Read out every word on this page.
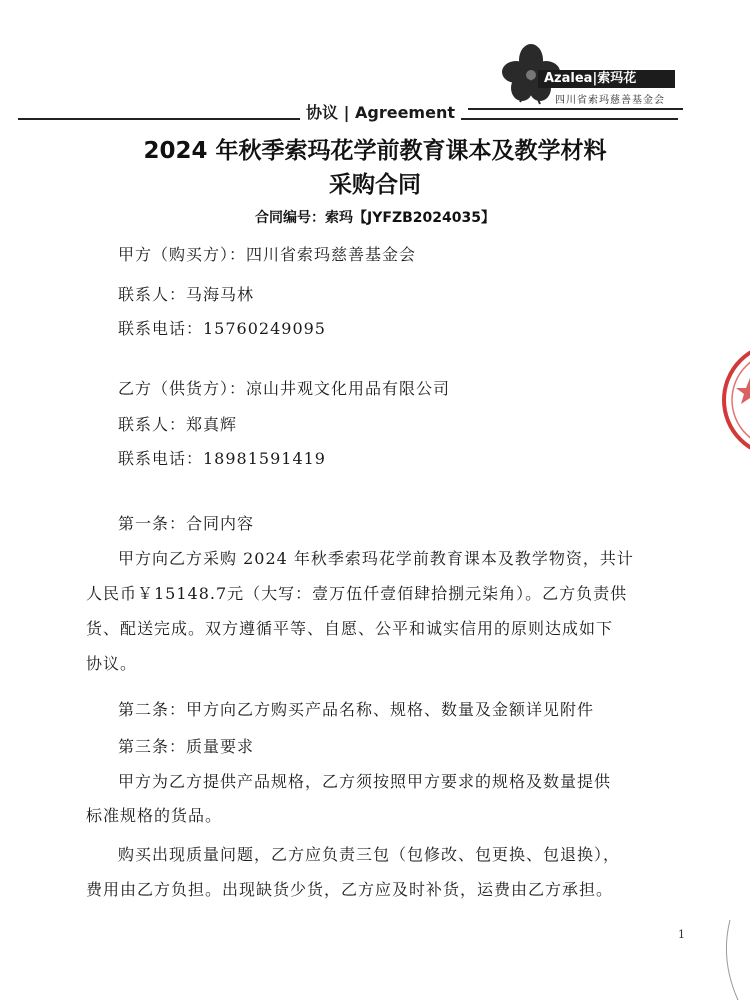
Azalea|索玛花
四川省索玛慈善基金会
协议 | Agreement
2024 年秋季索玛花学前教育课本及教学材料
采购合同
合同编号：索玛【JYFZB2024035】
甲方（购买方）：四川省索玛慈善基金会
联系人：马海马林
联系电话：15760249095
乙方（供货方）：凉山井观文化用品有限公司
联系人：郑真辉
联系电话：18981591419
第一条：合同内容
甲方向乙方采购 2024 年秋季索玛花学前教育课本及教学物资，共计
人民币￥15148.7元（大写：壹万伍仟壹佰肆拾捌元柒角）。乙方负责供
货、配送完成。双方遵循平等、自愿、公平和诚实信用的原则达成如下
协议。
第二条：甲方向乙方购买产品名称、规格、数量及金额详见附件
第三条：质量要求
甲方为乙方提供产品规格，乙方须按照甲方要求的规格及数量提供
标准规格的货品。
购买出现质量问题，乙方应负责三包（包修改、包更换、包退换），
费用由乙方负担。出现缺货少货，乙方应及时补货，运费由乙方承担。
1
